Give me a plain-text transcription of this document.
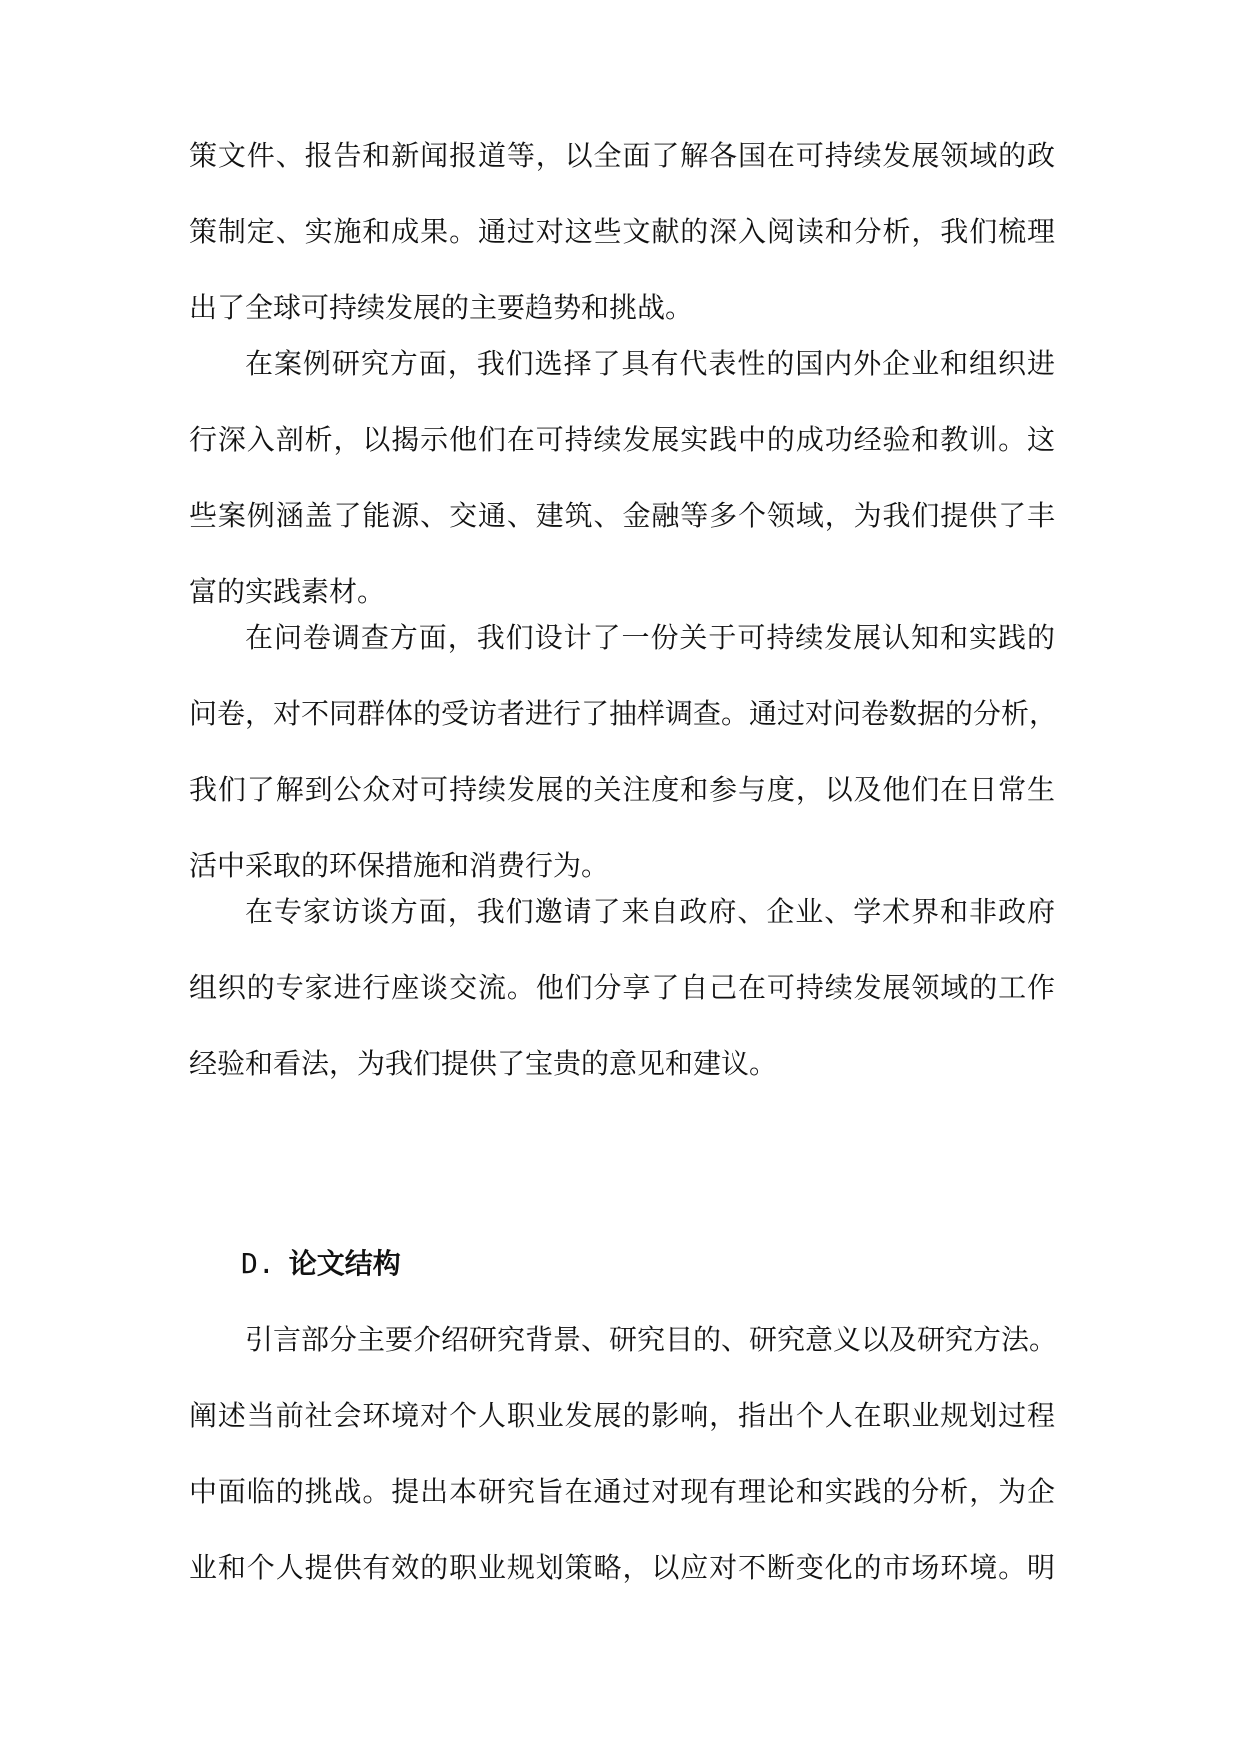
策文件、报告和新闻报道等，以全面了解各国在可持续发展领域的政
策制定、实施和成果。通过对这些文献的深入阅读和分析，我们梳理
出了全球可持续发展的主要趋势和挑战。
在案例研究方面，我们选择了具有代表性的国内外企业和组织进
行深入剖析，以揭示他们在可持续发展实践中的成功经验和教训。这
些案例涵盖了能源、交通、建筑、金融等多个领域，为我们提供了丰
富的实践素材。
在问卷调查方面，我们设计了一份关于可持续发展认知和实践的
问卷，对不同群体的受访者进行了抽样调查。通过对问卷数据的分析，
我们了解到公众对可持续发展的关注度和参与度，以及他们在日常生
活中采取的环保措施和消费行为。
在专家访谈方面，我们邀请了来自政府、企业、学术界和非政府
组织的专家进行座谈交流。他们分享了自己在可持续发展领域的工作
经验和看法，为我们提供了宝贵的意见和建议。
D. 论文结构
引言部分主要介绍研究背景、研究目的、研究意义以及研究方法。
阐述当前社会环境对个人职业发展的影响，指出个人在职业规划过程
中面临的挑战。提出本研究旨在通过对现有理论和实践的分析，为企
业和个人提供有效的职业规划策略，以应对不断变化的市场环境。明
